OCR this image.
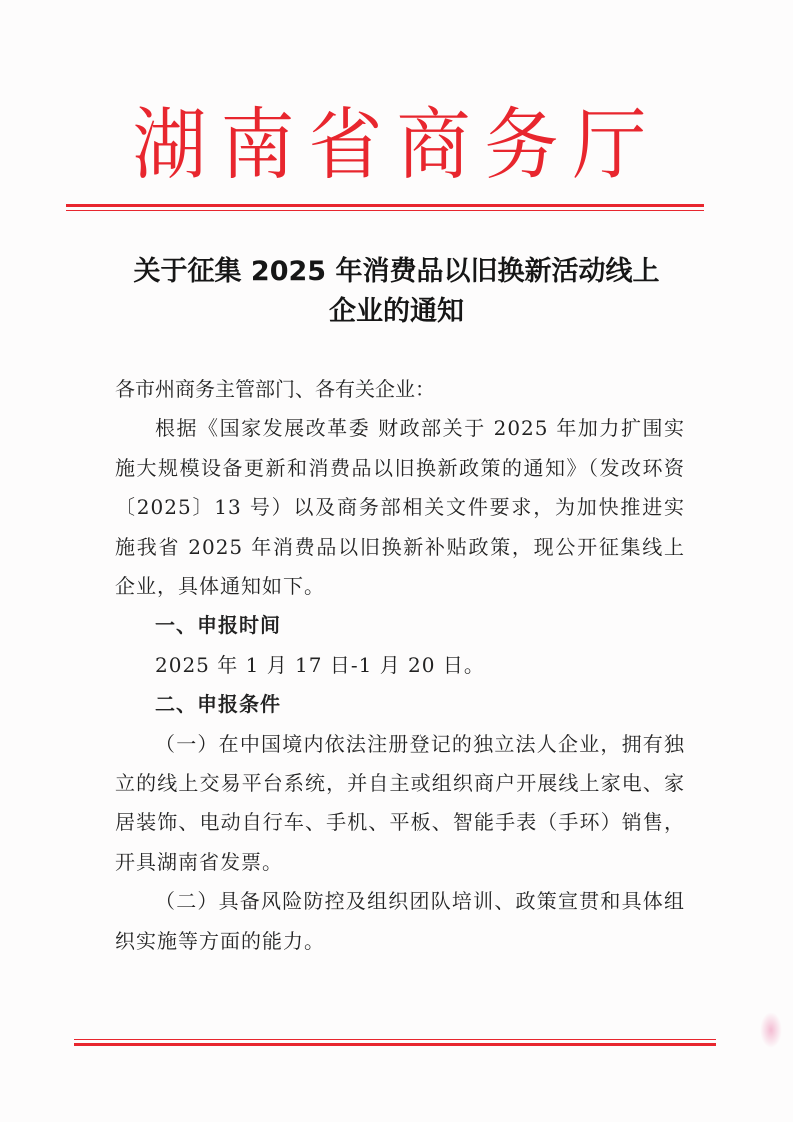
湖南省商务厅
关于征集 2025 年消费品以旧换新活动线上
企业的通知

各市州商务主管部门、各有关企业：

根据《国家发展改革委 财政部关于 2025 年加力扩围实施大规模设备更新和消费品以旧换新政策的通知》（发改环资〔2025〕13 号）以及商务部相关文件要求，为加快推进实施我省 2025 年消费品以旧换新补贴政策，现公开征集线上企业，具体通知如下。

一、申报时间

2025 年 1 月 17 日-1 月 20 日。

二、申报条件

（一）在中国境内依法注册登记的独立法人企业，拥有独立的线上交易平台系统，并自主或组织商户开展线上家电、家居装饰、电动自行车、手机、平板、智能手表（手环）销售，开具湖南省发票。

（二）具备风险防控及组织团队培训、政策宣贯和具体组织实施等方面的能力。
